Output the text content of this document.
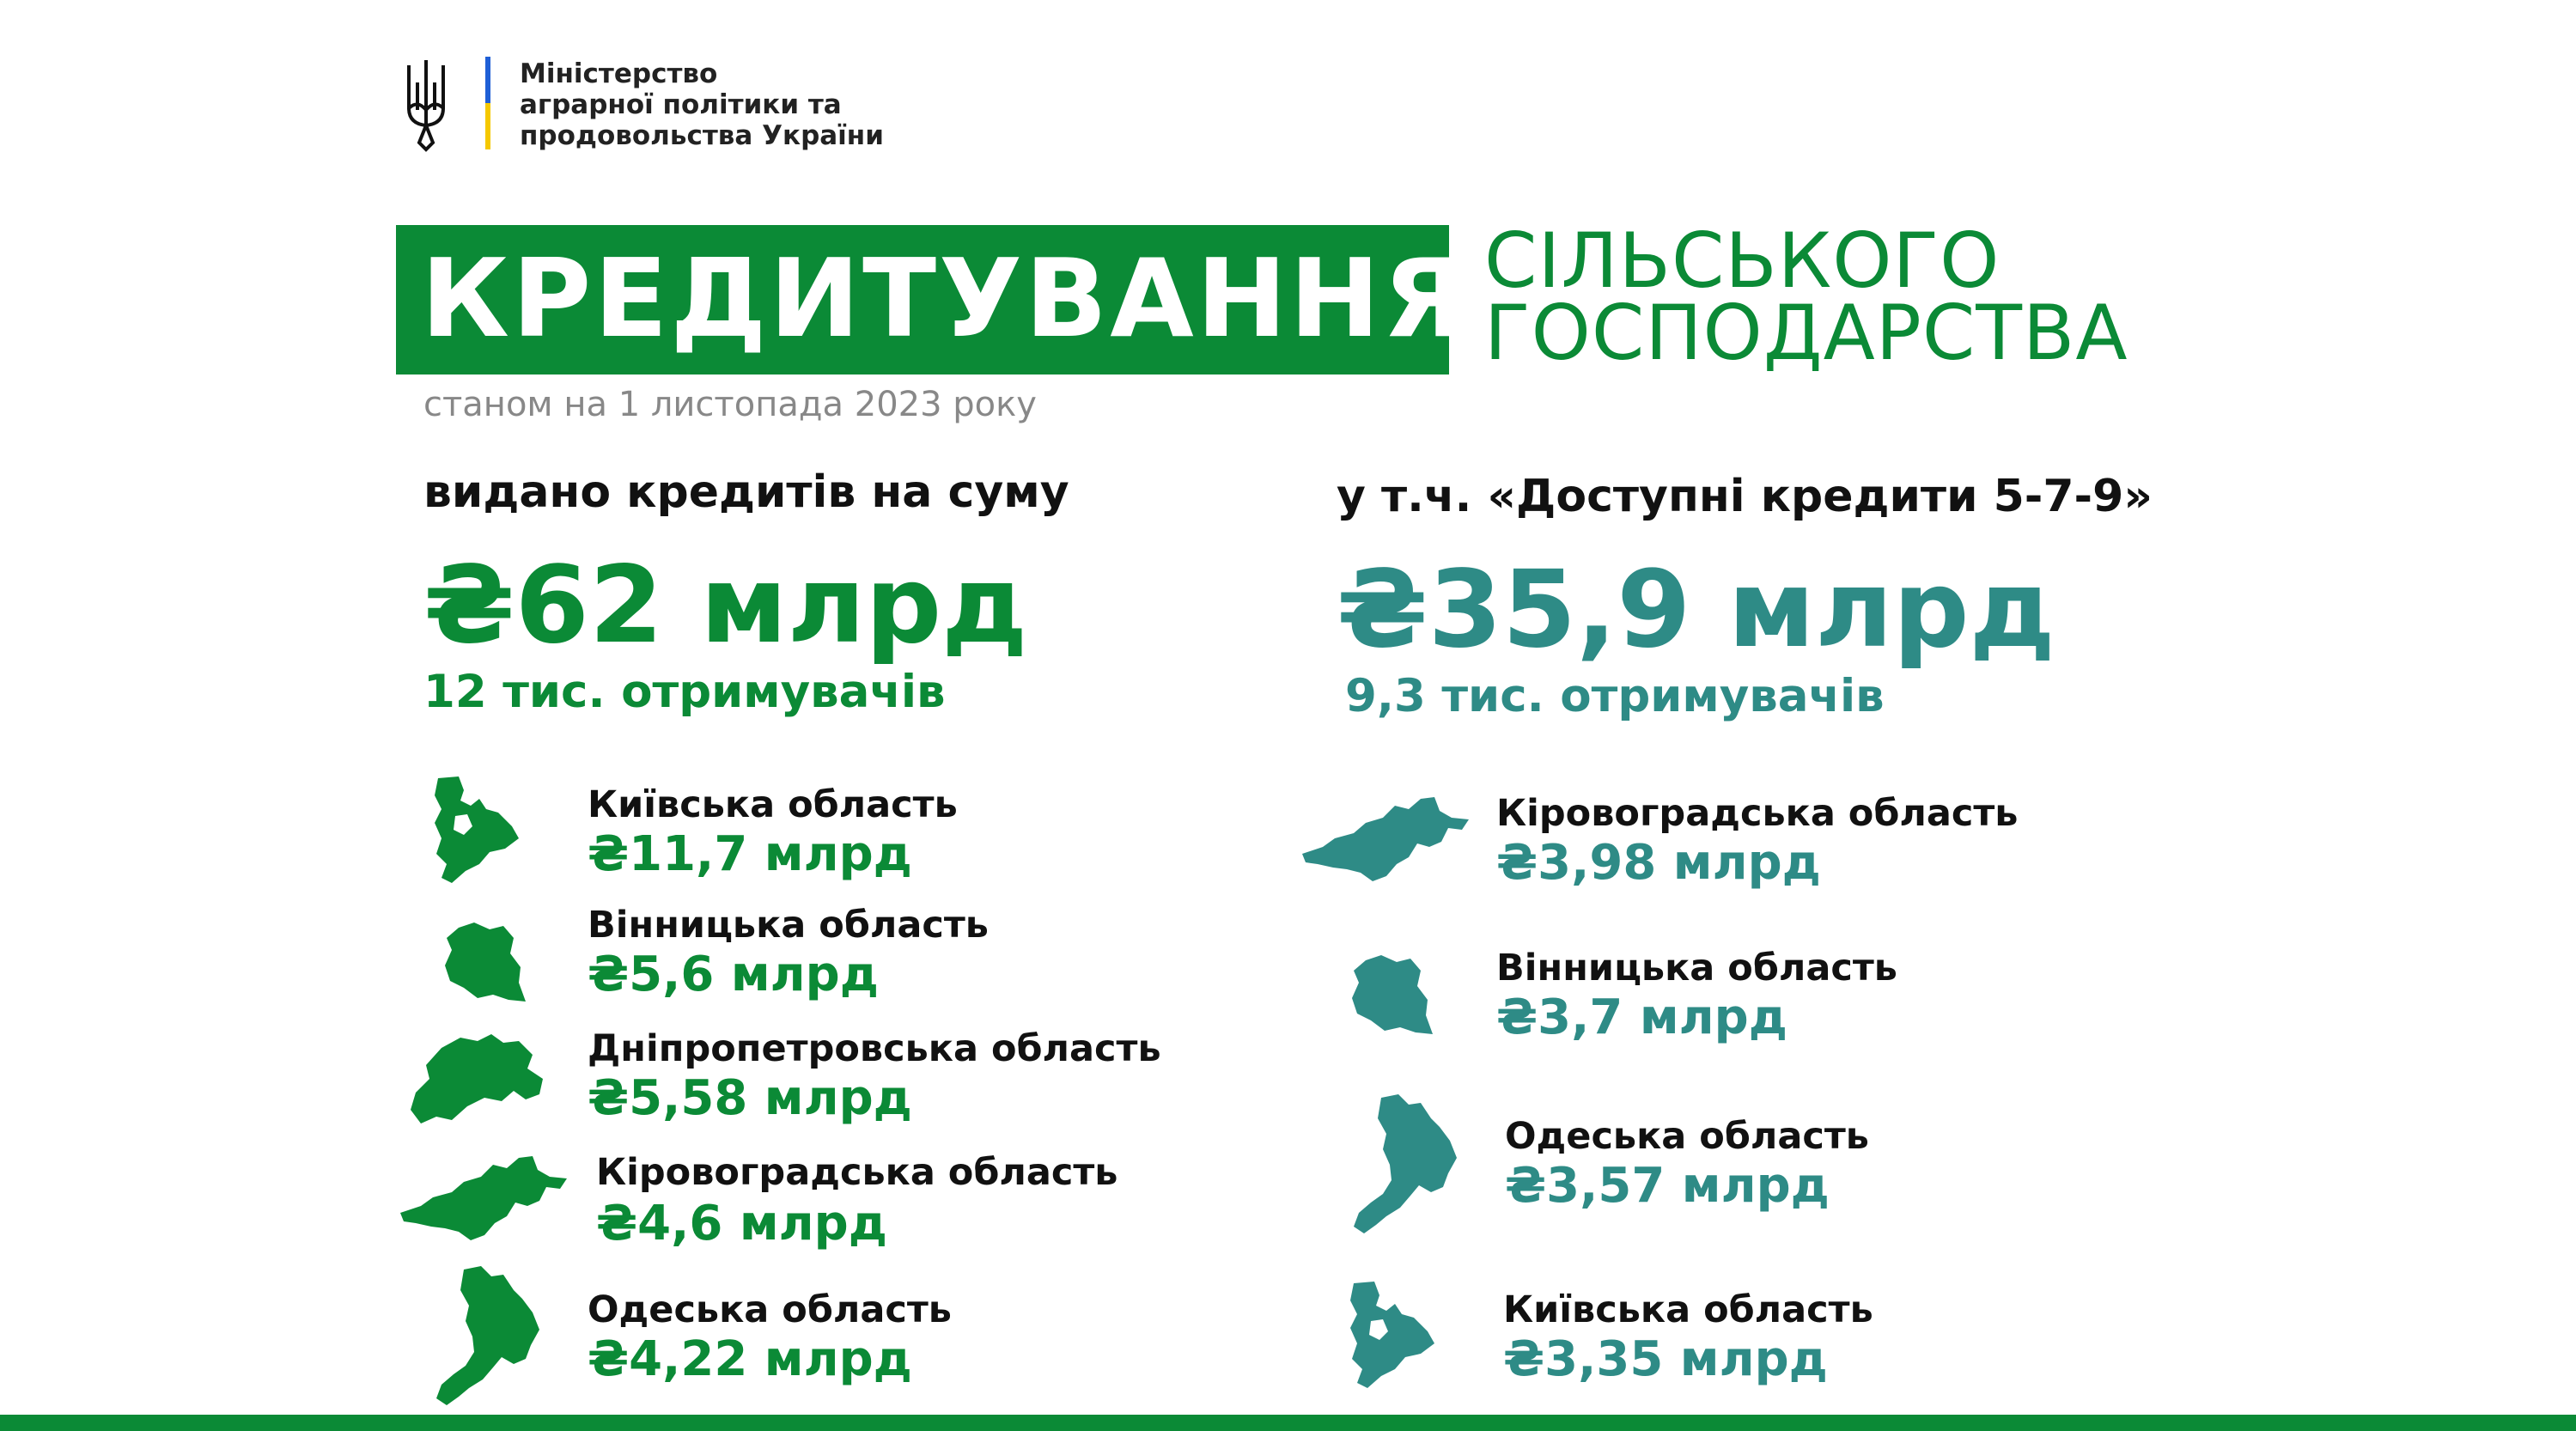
Міністерство
аграрної політики та
продовольства України
КРЕДИТУВАННЯ СІЛЬСЬКОГО
ГОСПОДАРСТВА
станом на 1 листопада 2023 року
видано кредитів на суму
₴62 млрд
12 тис. отримувачів
у т.ч. «Доступні кредити 5-7-9»
₴35,9 млрд
9,3 тис. отримувачів
Київська область
₴11,7 млрд
Вінницька область
₴5,6 млрд
Дніпропетровська область
₴5,58 млрд
Кіровоградська область
₴4,6 млрд
Одеська область
₴4,22 млрд
Кіровоградська область
₴3,98 млрд
Вінницька область
₴3,7 млрд
Одеська область
₴3,57 млрд
Київська область
₴3,35 млрд
